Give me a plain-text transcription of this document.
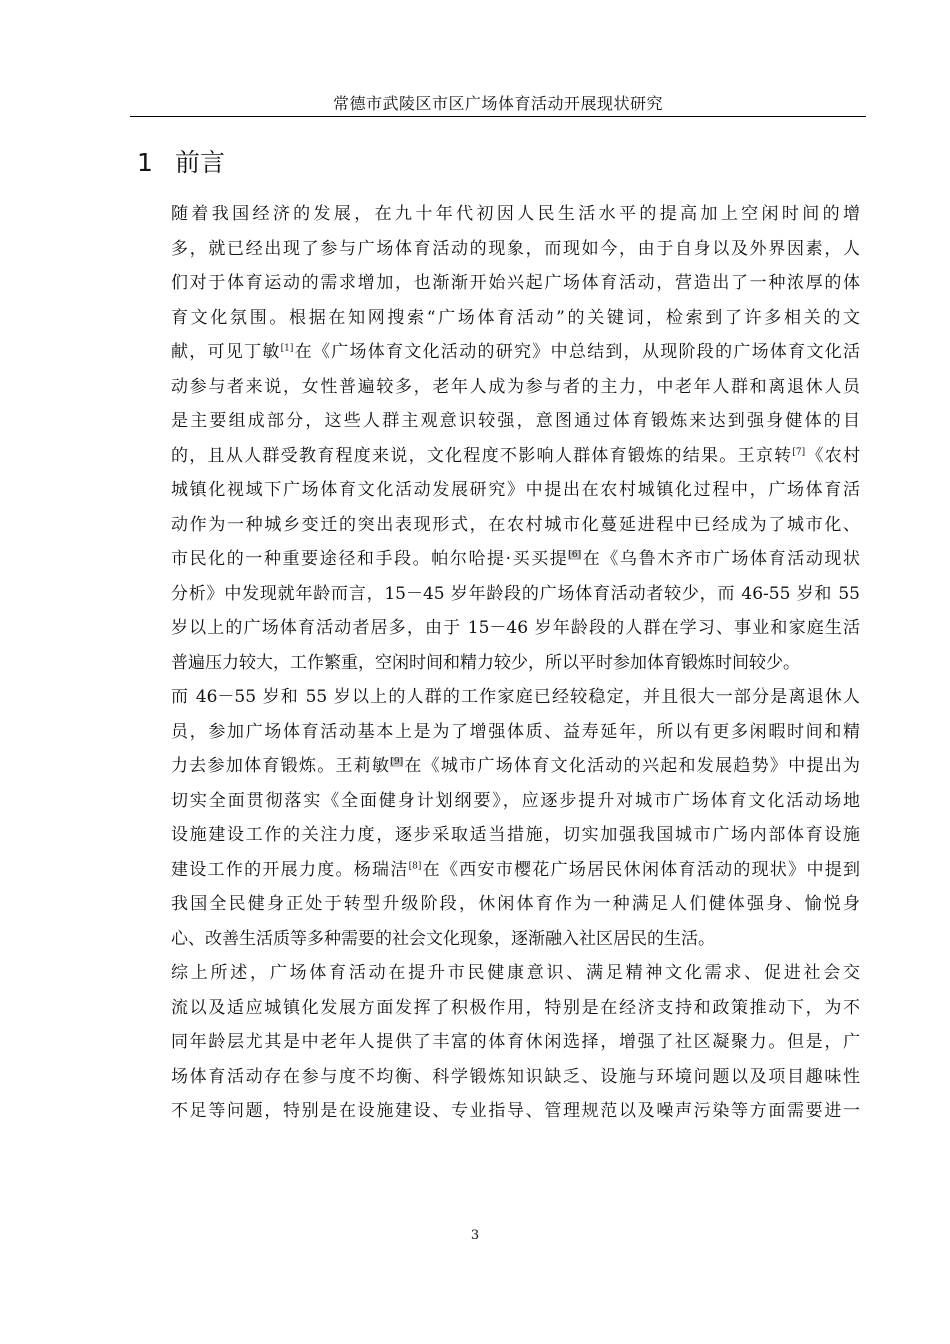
常德市武陵区市区广场体育活动开展现状研究
1 前言
随着我国经济的发展，在九十年代初因人民生活水平的提高加上空闲时间的增
多，就已经出现了参与广场体育活动的现象，而现如今，由于自身以及外界因素，人
们对于体育运动的需求增加，也渐渐开始兴起广场体育活动，营造出了一种浓厚的体
育文化氛围。根据在知网搜索“广场体育活动”的关键词，检索到了许多相关的文
献，可见丁敏[1]在《广场体育文化活动的研究》中总结到，从现阶段的广场体育文化活
动参与者来说，女性普遍较多，老年人成为参与者的主力，中老年人群和离退休人员
是主要组成部分，这些人群主观意识较强，意图通过体育锻炼来达到强身健体的目
的，且从人群受教育程度来说，文化程度不影响人群体育锻炼的结果。王京转[7]《农村
城镇化视域下广场体育文化活动发展研究》中提出在农村城镇化过程中，广场体育活
动作为一种城乡变迁的突出表现形式，在农村城市化蔓延进程中已经成为了城市化、
市民化的一种重要途径和手段。帕尔哈提·买买提[6]在《乌鲁木齐市广场体育活动现状
分析》中发现就年龄而言，15－45 岁年龄段的广场体育活动者较少，而 46-55 岁和 55
岁以上的广场体育活动者居多，由于 15－46 岁年龄段的人群在学习、事业和家庭生活
普遍压力较大，工作繁重，空闲时间和精力较少，所以平时参加体育锻炼时间较少。
而 46－55 岁和 55 岁以上的人群的工作家庭已经较稳定，并且很大一部分是离退休人
员，参加广场体育活动基本上是为了增强体质、益寿延年，所以有更多闲暇时间和精
力去参加体育锻炼。王莉敏[9]在《城市广场体育文化活动的兴起和发展趋势》中提出为
切实全面贯彻落实《全面健身计划纲要》，应逐步提升对城市广场体育文化活动场地
设施建设工作的关注力度，逐步采取适当措施，切实加强我国城市广场内部体育设施
建设工作的开展力度。杨瑞洁[8]在《西安市樱花广场居民休闲体育活动的现状》中提到
我国全民健身正处于转型升级阶段，休闲体育作为一种满足人们健体强身、愉悦身
心、改善生活质等多种需要的社会文化现象，逐渐融入社区居民的生活。
综上所述，广场体育活动在提升市民健康意识、满足精神文化需求、促进社会交
流以及适应城镇化发展方面发挥了积极作用，特别是在经济支持和政策推动下，为不
同年龄层尤其是中老年人提供了丰富的体育休闲选择，增强了社区凝聚力。但是，广
场体育活动存在参与度不均衡、科学锻炼知识缺乏、设施与环境问题以及项目趣味性
不足等问题，特别是在设施建设、专业指导、管理规范以及噪声污染等方面需要进一
3
